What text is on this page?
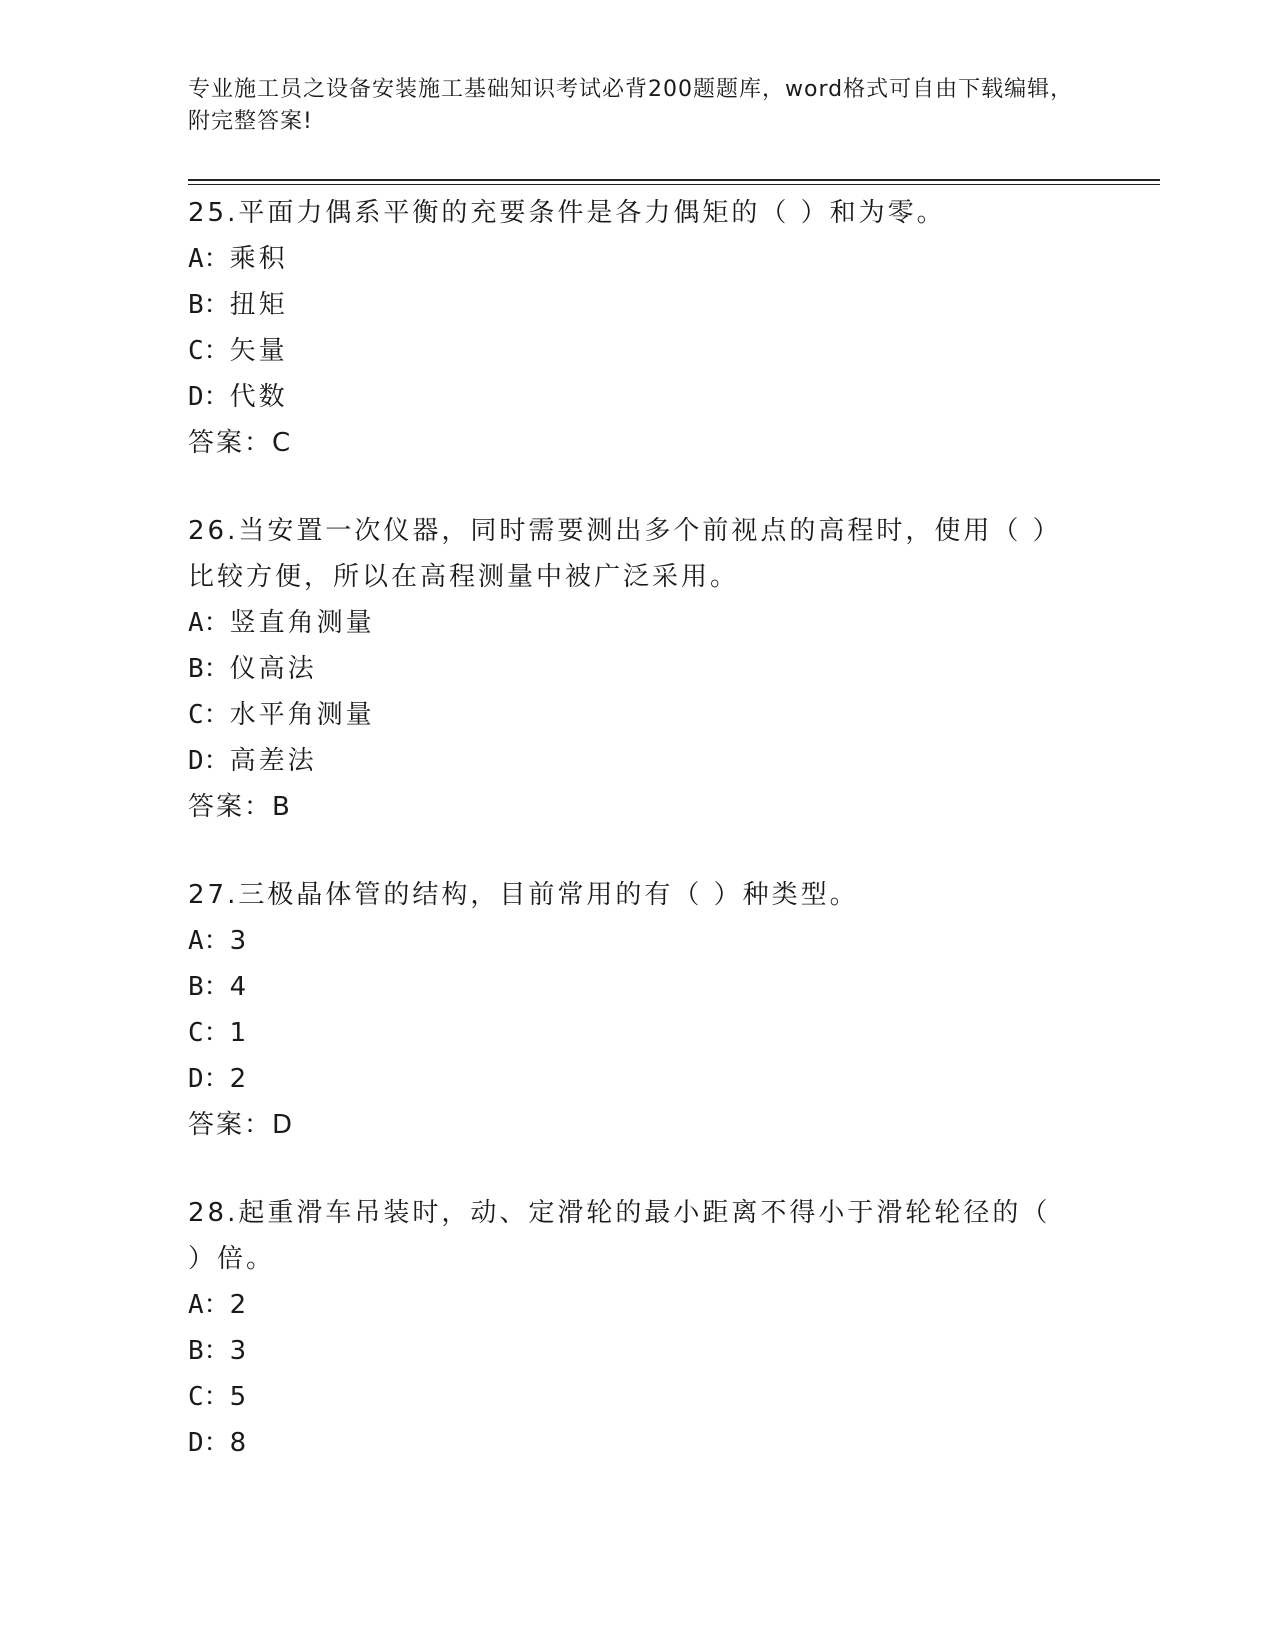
专业施工员之设备安装施工基础知识考试必背200题题库，word格式可自由下载编辑，附完整答案!
25.平面力偶系平衡的充要条件是各力偶矩的（ ）和为零。
A：乘积
B：扭矩
C：矢量
D：代数
答案：C
26.当安置一次仪器，同时需要测出多个前视点的高程时，使用（ ）比较方便，所以在高程测量中被广泛采用。
A：竖直角测量
B：仪高法
C：水平角测量
D：高差法
答案：B
27.三极晶体管的结构，目前常用的有（ ）种类型。
A：3
B：4
C：1
D：2
答案：D
28.起重滑车吊装时，动、定滑轮的最小距离不得小于滑轮轮径的（ ）倍。
A：2
B：3
C：5
D：8
